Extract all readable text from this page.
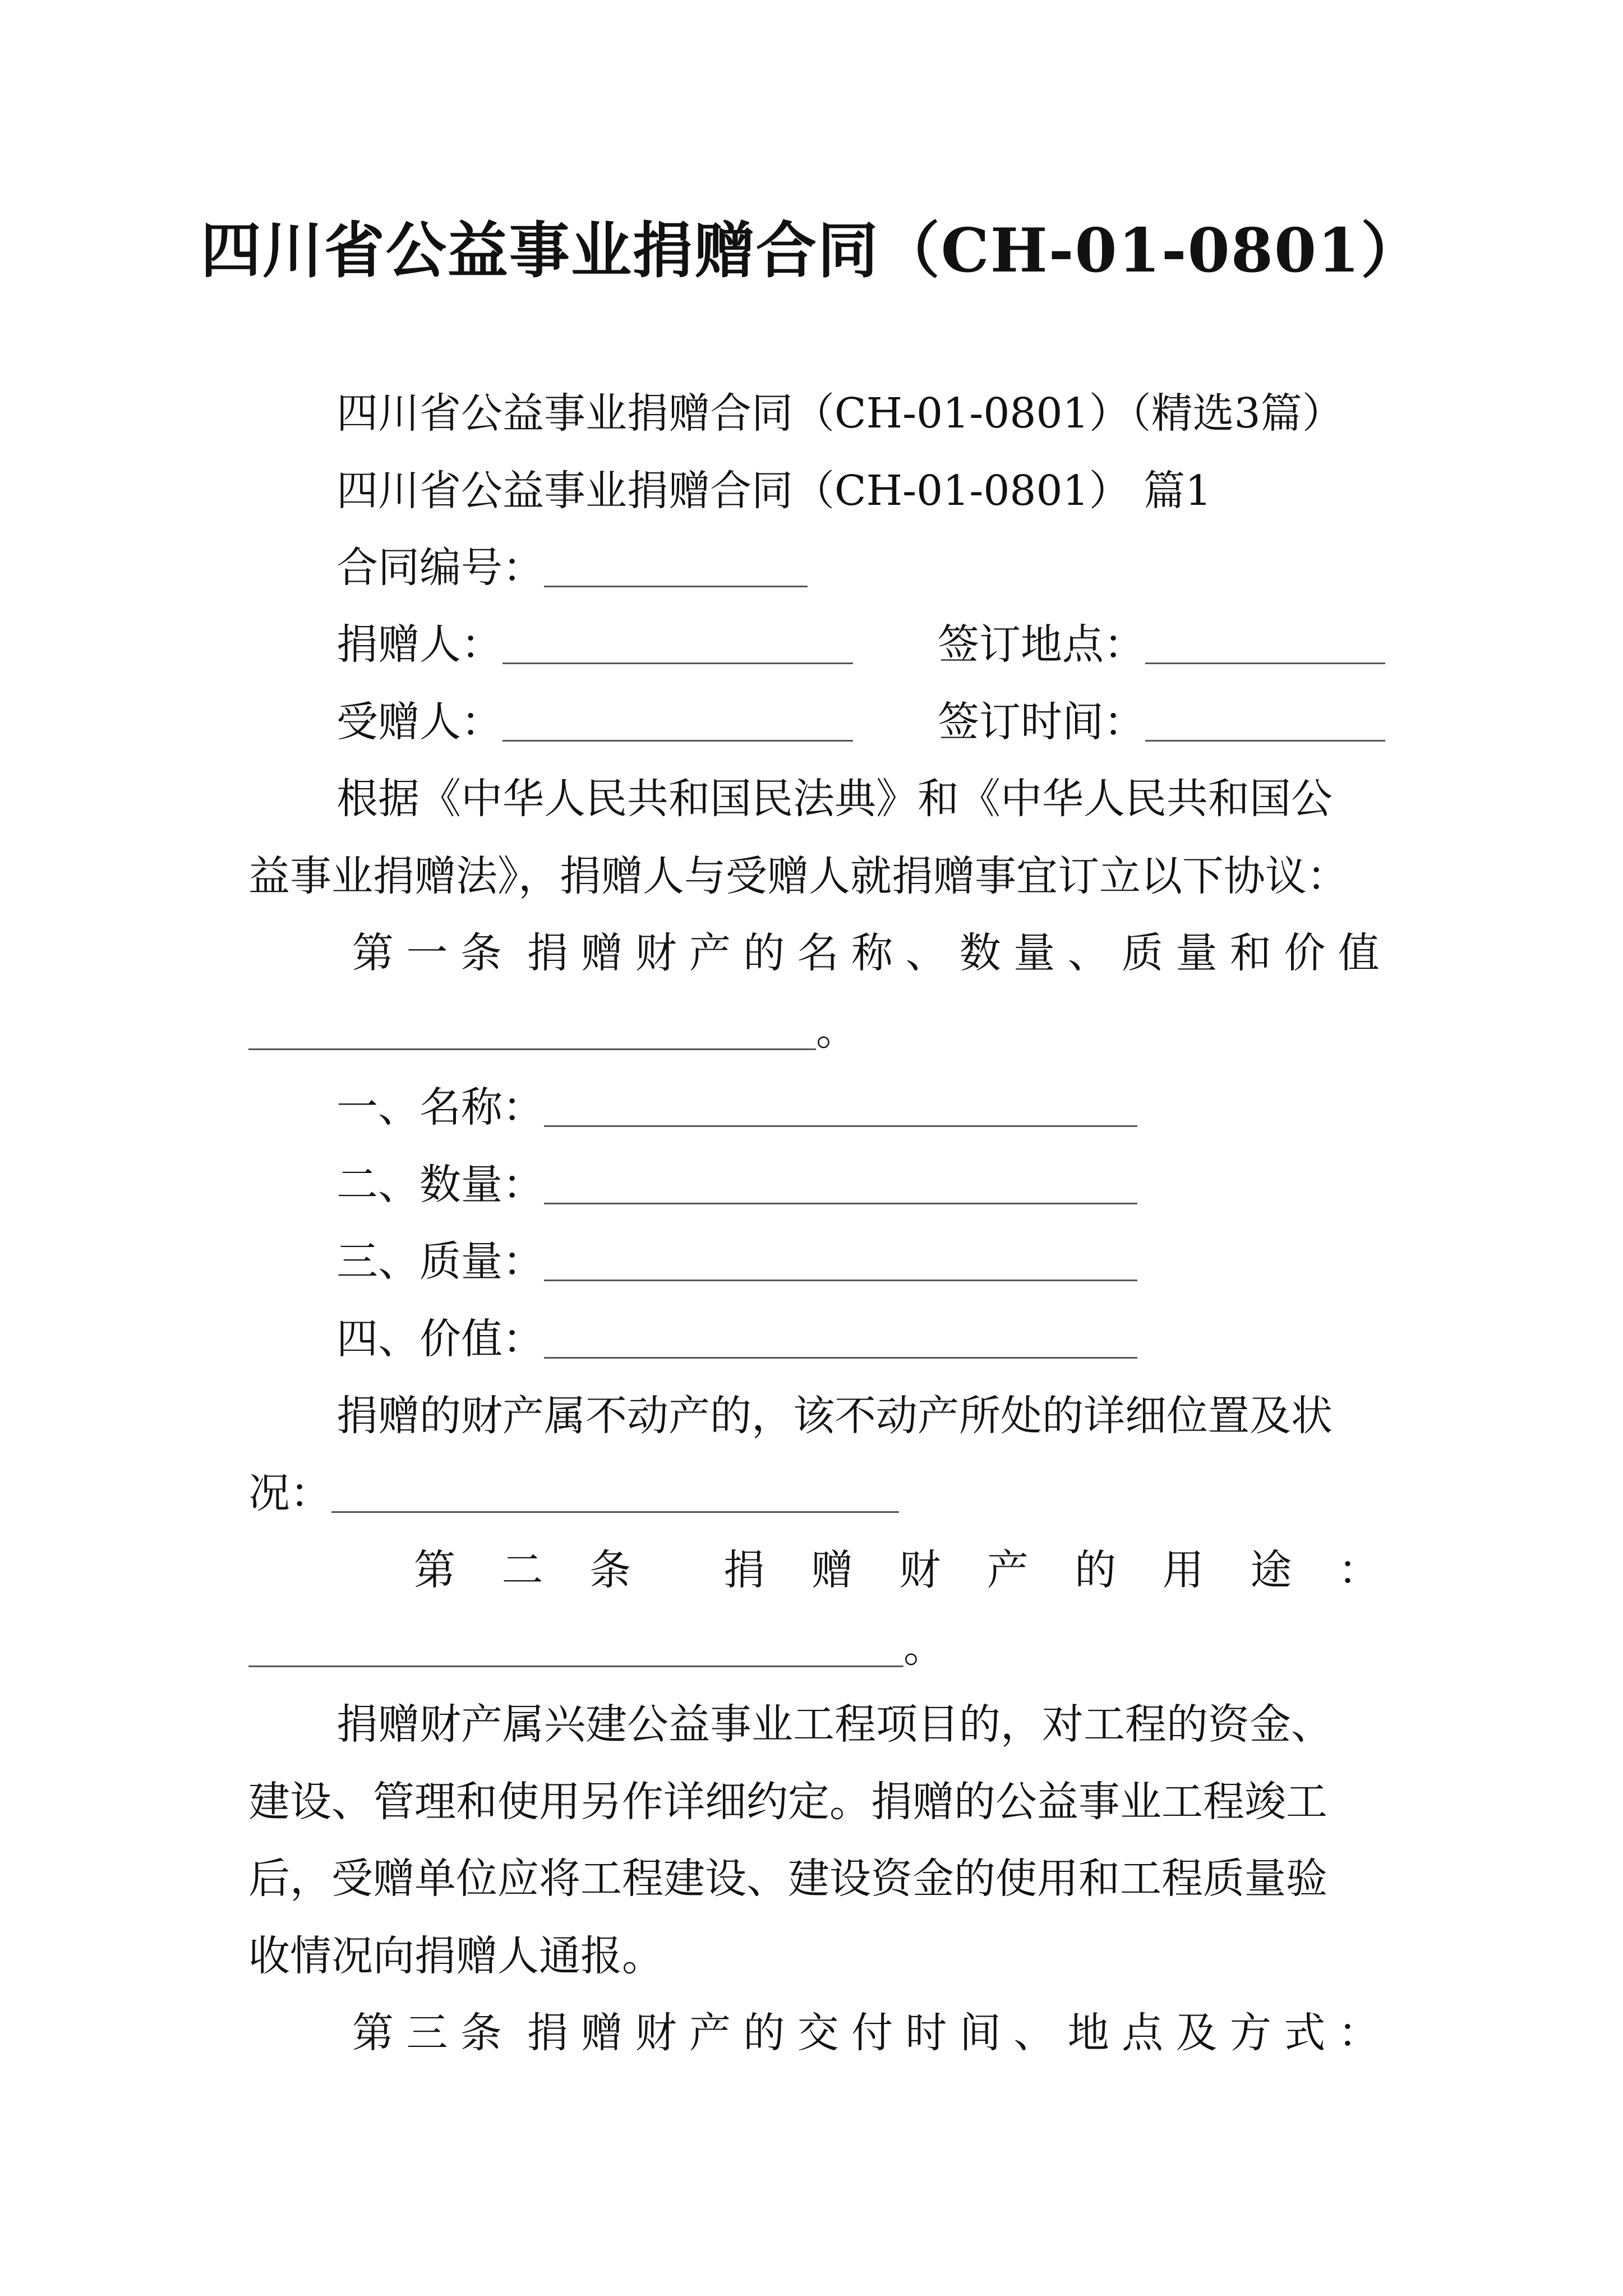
四川省公益事业捐赠合同（CH-01-0801）
四川省公益事业捐赠合同（CH-01-0801）（精选3篇）
四川省公益事业捐赠合同（CH-01-0801） 篇1
合同编号：
捐赠人：	签订地点：
受赠人：	签订时间：
根据《中华人民共和国民法典》和《中华人民共和国公
益事业捐赠法》，捐赠人与受赠人就捐赠事宜订立以下协议：
第 一 条 捐 赠 财 产 的 名 称 、 数 量 、 质 量 和 价 值
。
一、名称：
二、数量：
三、质量：
四、价值：
捐赠的财产属不动产的，该不动产所处的详细位置及状
况：
第 二 条 捐 赠 财 产 的 用 途 ：
。
捐赠财产属兴建公益事业工程项目的，对工程的资金、
建设、管理和使用另作详细约定。捐赠的公益事业工程竣工
后，受赠单位应将工程建设、建设资金的使用和工程质量验
收情况向捐赠人通报。
第 三 条 捐 赠 财 产 的 交 付 时 间 、 地 点 及 方 式 ：
